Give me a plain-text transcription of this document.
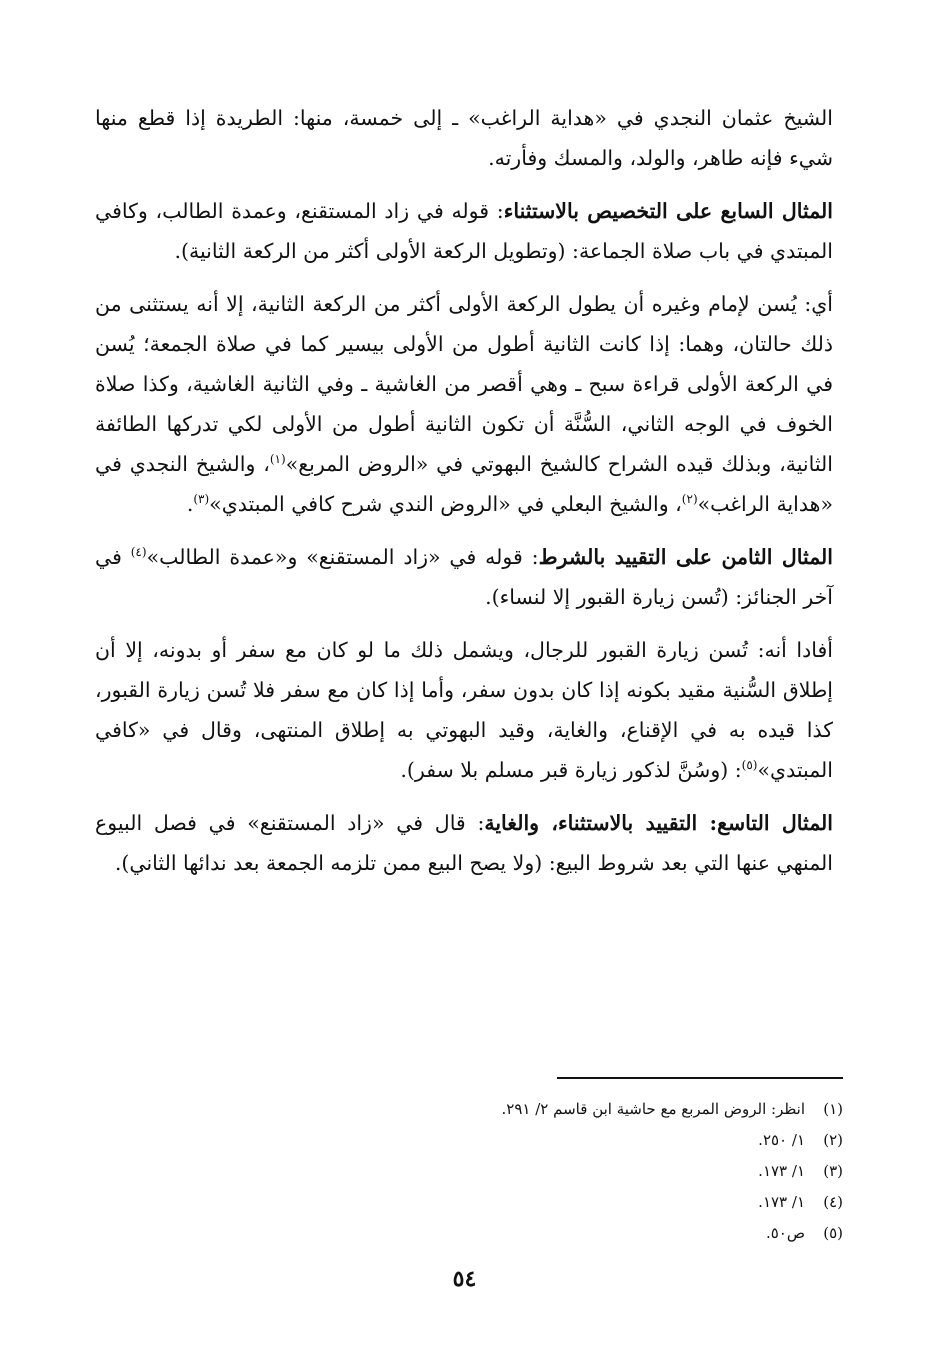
الشيخ عثمان النجدي في «هداية الراغب» ـ إلى خمسة، منها: الطريدة إذا قطع منها شيء فإنه طاهر، والولد، والمسك وفأرته.

المثال السابع على التخصيص بالاستثناء: قوله في زاد المستقنع، وعمدة الطالب، وكافي المبتدي في باب صلاة الجماعة: (وتطويل الركعة الأولى أكثر من الركعة الثانية).

أي: يُسن لإمام وغيره أن يطول الركعة الأولى أكثر من الركعة الثانية، إلا أنه يستثنى من ذلك حالتان، وهما: إذا كانت الثانية أطول من الأولى بيسير كما في صلاة الجمعة؛ يُسن في الركعة الأولى قراءة سبح ـ وهي أقصر من الغاشية ـ وفي الثانية الغاشية، وكذا صلاة الخوف في الوجه الثاني، السُّنَّة أن تكون الثانية أطول من الأولى لكي تدركها الطائفة الثانية، وبذلك قيده الشراح كالشيخ البهوتي في «الروض المربع»$^{(١)}$، والشيخ النجدي في «هداية الراغب»$^{(٢)}$، والشيخ البعلي في «الروض الندي شرح كافي المبتدي»$^{(٣)}$.

المثال الثامن على التقييد بالشرط: قوله في «زاد المستقنع» و«عمدة الطالب»$^{(٤)}$ في آخر الجنائز: (تُسن زيارة القبور إلا لنساء).

أفادا أنه: تُسن زيارة القبور للرجال، ويشمل ذلك ما لو كان مع سفر أو بدونه، إلا أن إطلاق السُّنية مقيد بكونه إذا كان بدون سفر، وأما إذا كان مع سفر فلا تُسن زيارة القبور، كذا قيده به في الإقناع، والغاية، وقيد البهوتي به إطلاق المنتهى، وقال في «كافي المبتدي»$^{(٥)}$: (وسُنَّ لذكور زيارة قبر مسلم بلا سفر).

المثال التاسع: التقييد بالاستثناء، والغاية: قال في «زاد المستقنع» في فصل البيوع المنهي عنها التي بعد شروط البيع: (ولا يصح البيع ممن تلزمه الجمعة بعد ندائها الثاني).

(١)انظر: الروض المربع مع حاشية ابن قاسم ٢/ ٢٩١.
(٢)١/ ٢٥٠.
(٣)١/ ١٧٣.
(٤)١/ ١٧٣.
(٥)ص٥٠.
٥٤
